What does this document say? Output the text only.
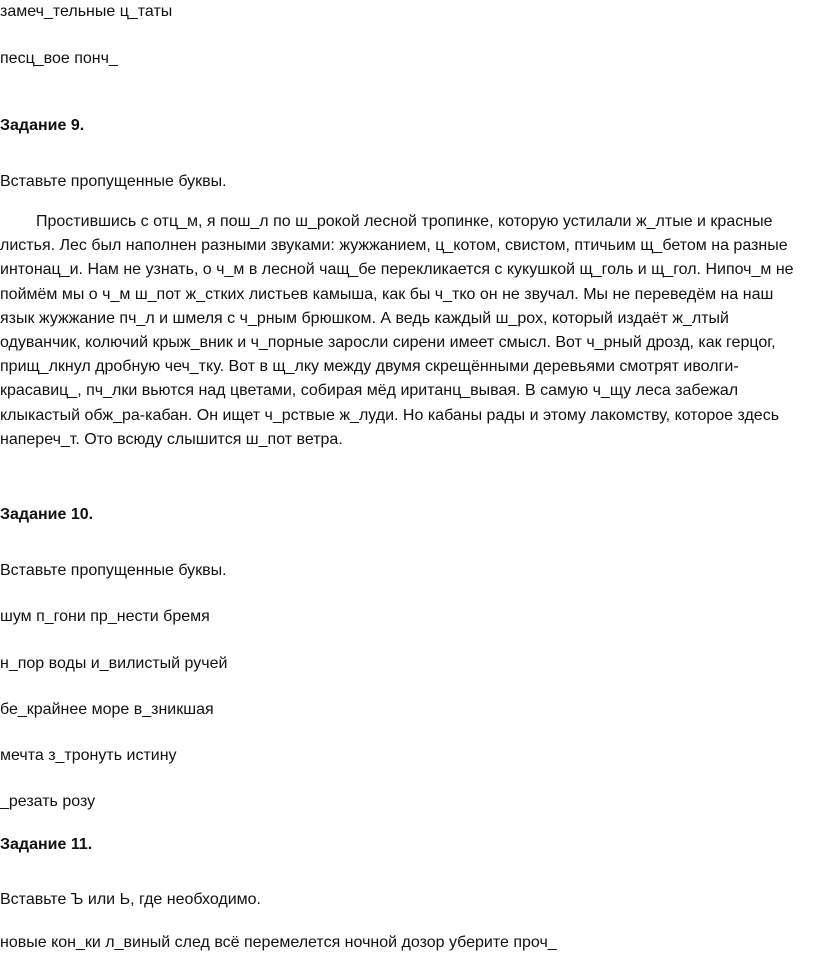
замеч_тельные ц_таты
песц_вое понч_
Задание 9.
Вставьте пропущенные буквы.
Простившись с отц_м, я пош_л по ш_рокой лесной тропинке, которую устилали ж_лтые и красные
листья. Лес был наполнен разными звуками: жужжанием, ц_котом, свистом, птичьим щ_бетом на разные
интонац_и. Нам не узнать, о ч_м в лесной чащ_бе перекликается с кукушкой щ_голь и щ_гол. Нипоч_м не
поймём мы о ч_м ш_пот ж_стких листьев камыша, как бы ч_тко он не звучал. Мы не переведём на наш
язык жужжание пч_л и шмеля с ч_рным брюшком. А ведь каждый ш_рох, который издаёт ж_лтый
одуванчик, колючий крыж_вник и ч_порные заросли сирени имеет смысл. Вот ч_рный дрозд, как герцог,
прищ_лкнул дробную чеч_тку. Вот в щ_лку между двумя скрещёнными деревьями смотрят иволги-
красавиц_, пч_лки вьются над цветами, собирая мёд иританц_вывая. В самую ч_щу леса забежал
клыкастый обж_ра-кабан. Он ищет ч_рствые ж_луди. Но кабаны рады и этому лакомству, которое здесь
напереч_т. Ото всюду слышится ш_пот ветра.
Задание 10.
Вставьте пропущенные буквы.
шум п_гони пр_нести бремя
н_пор воды и_вилистый ручей
бе_крайнее море в_зникшая
мечта з_тронуть истину
_резать розу
Задание 11.
Вставьте Ъ или Ь, где необходимо.
новые кон_ки л_виный след всё перемелется ночной дозор уберите проч_
